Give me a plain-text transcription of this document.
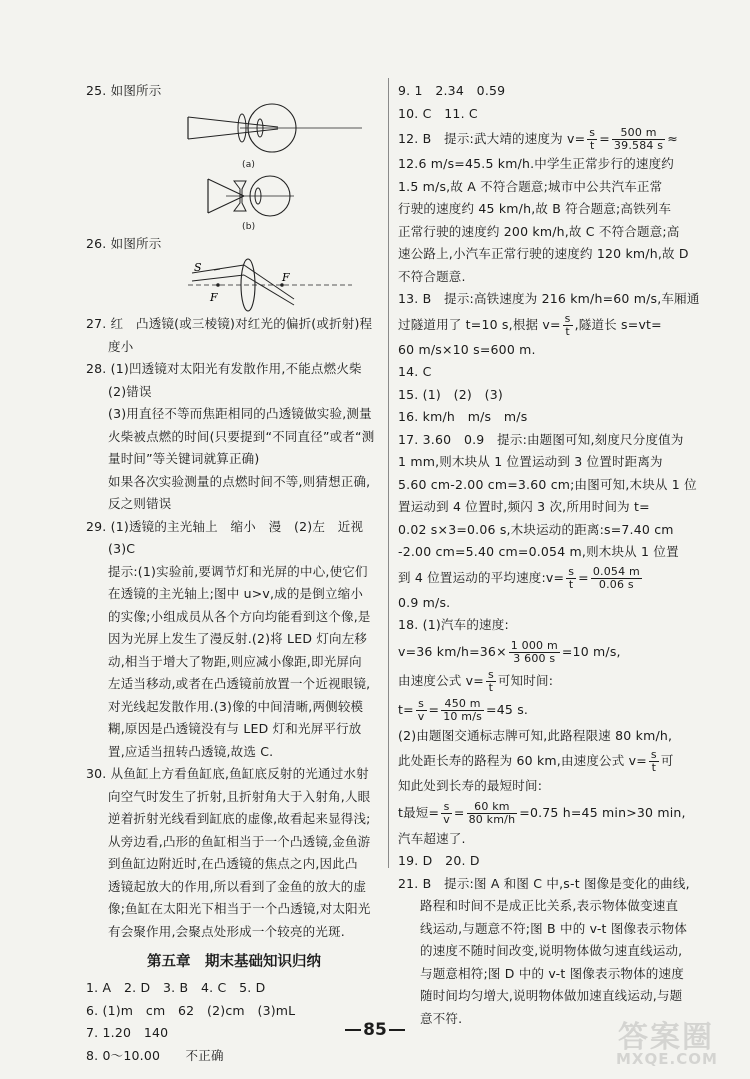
25. 如图所示
(a)
(b)
26. 如图所示
S
F
F
27. 红　凸透镜(或三棱镜)对红光的偏折(或折射)程
度小
28. (1)凹透镜对太阳光有发散作用,不能点燃火柴
(2)错误
(3)用直径不等而焦距相同的凸透镜做实验,测量
火柴被点燃的时间(只要提到“不同直径”或者“测
量时间”等关键词就算正确)
如果各次实验测量的点燃时间不等,则猜想正确,
反之则错误
29. (1)透镜的主光轴上　缩小　漫　(2)左　近视
(3)C
提示:(1)实验前,要调节灯和光屏的中心,使它们
在透镜的主光轴上;图中 u>v,成的是倒立缩小
的实像;小组成员从各个方向均能看到这个像,是
因为光屏上发生了漫反射.(2)将 LED 灯向左移
动,相当于增大了物距,则应减小像距,即光屏向
左适当移动,或者在凸透镜前放置一个近视眼镜,
对光线起发散作用.(3)像的中间清晰,两侧较模
糊,原因是凸透镜没有与 LED 灯和光屏平行放
置,应适当扭转凸透镜,故选 C.
30. 从鱼缸上方看鱼缸底,鱼缸底反射的光通过水射
向空气时发生了折射,且折射角大于入射角,人眼
逆着折射光线看到缸底的虚像,故看起来显得浅;
从旁边看,凸形的鱼缸相当于一个凸透镜,金鱼游
到鱼缸边附近时,在凸透镜的焦点之内,因此凸
透镜起放大的作用,所以看到了金鱼的放大的虚
像;鱼缸在太阳光下相当于一个凸透镜,对太阳光
有会聚作用,会聚点处形成一个较亮的光斑.
第五章　期末基础知识归纳
1. A　2. D　3. B　4. C　5. D
6. (1)m　cm　62　(2)cm　(3)mL
7. 1.20　140
8. 0～10.00　　不正确
9. 1　2.34　0.59
10. C　11. C
12. B　提示:武大靖的速度为 $v= \frac{s}{t} = \frac{500 m}{39.584 s}$ ≈
12.6 m/s=45.5 km/h.中学生正常步行的速度约
1.5 m/s,故 A 不符合题意;城市中公共汽车正常
行驶的速度约 45 km/h,故 B 符合题意;高铁列车
正常行驶的速度约 200 km/h,故 C 不符合题意;高
速公路上,小汽车正常行驶的速度约 120 km/h,故 D
不符合题意.
13. B　提示:高铁速度为 216 km/h=60 m/s,车厢通
过隧道用了 t=10 s,根据 $v= \frac{s}{t}$ ,隧道长 s=vt=
60 m/s×10 s=600 m.
14. C
15. (1)　(2)　(3)
16. km/h　m/s　m/s
17. 3.60　0.9　提示:由题图可知,刻度尺分度值为
1 mm,则木块从 1 位置运动到 3 位置时距离为
5.60 cm-2.00 cm=3.60 cm;由图可知,木块从 1 位
置运动到 4 位置时,频闪 3 次,所用时间为 t=
0.02 s×3=0.06 s,木块运动的距离:s=7.40 cm
-2.00 cm=5.40 cm=0.054 m,则木块从 1 位置
到 4 位置运动的平均速度:v= $\frac{s}{t} = \frac{0.054 m}{0.06 s}$
0.9 m/s.
18. (1)汽车的速度:
v=36 $km/h=36\times \frac{1 000 m}{3 600 s} =10$ m/s,
由速度公式 $v= \frac{s}{t}$ 可知时间:
$t= \frac{s}{v} = \frac{450 m}{10 m/s} =45$ s.
(2)由题图交通标志牌可知,此路程限速 80 km/h,
此处距长寿的路程为 60 km,由速度公式 $v= \frac{s}{t}$ 可
知此处到长寿的最短时间:
t最短= $\frac{s}{v} = \frac{60 km}{80 km/h} =0.75$ h=45 min>30 min,
汽车超速了.
19. D　20. D
21. B　提示:图 A 和图 C 中,s-t 图像是变化的曲线,
路程和时间不是成正比关系,表示物体做变速直
线运动,与题意不符;图 B 中的 v-t 图像表示物体
的速度不随时间改变,说明物体做匀速直线运动,
与题意相符;图 D 中的 v-t 图像表示物体的速度
随时间均匀增大,说明物体做加速直线运动,与题
意不符.
85	答案圈
MXQE.COM
